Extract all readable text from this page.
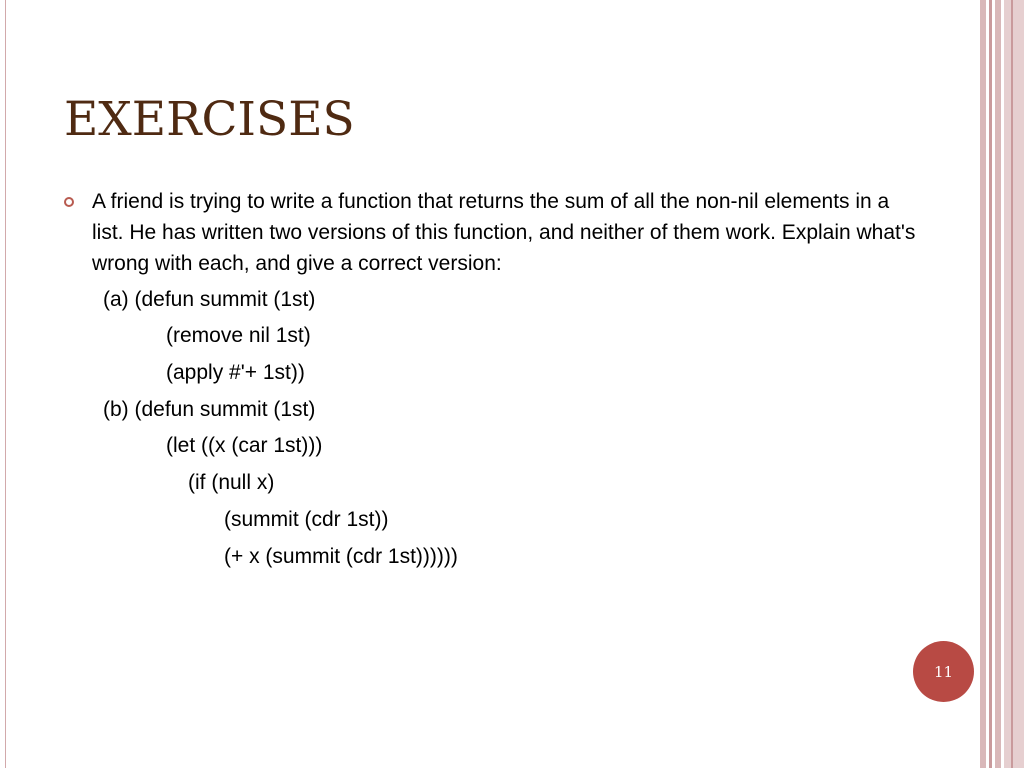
EXERCISES

A friend is trying to write a function that returns the sum of all the non-nil elements in a list. He has written two versions of this function, and neither of them work. Explain what's wrong with each, and give a correct version:

(a) (defun summit (1st)

(remove nil 1st)

(apply #'+ 1st))

(b) (defun summit (1st)

(let ((x (car 1st)))

(if (null x)

(summit (cdr 1st))

(+ x (summit (cdr 1st))))))

11
